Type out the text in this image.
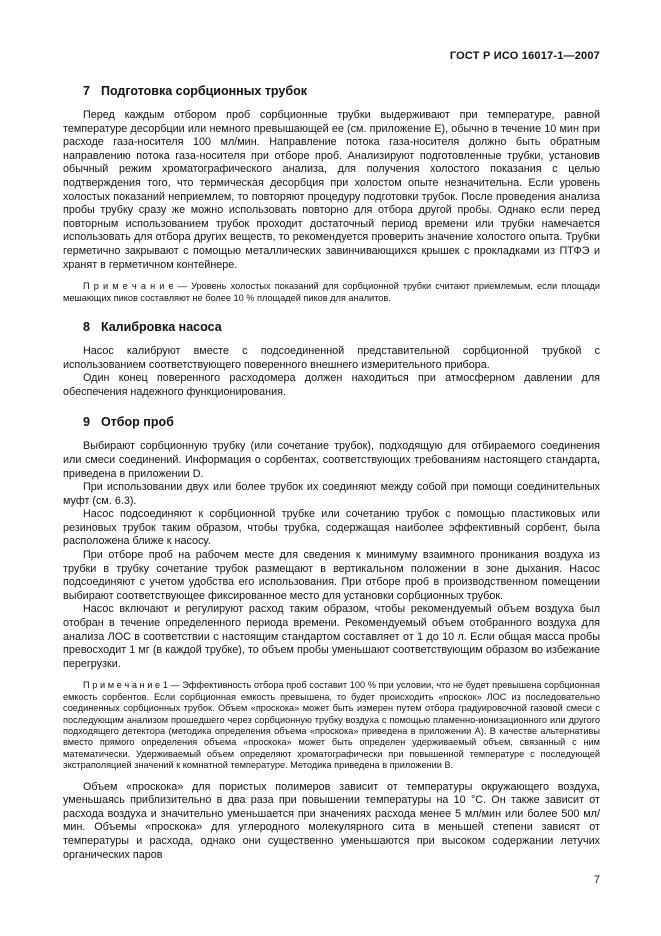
ГОСТ Р ИСО 16017-1—2007
7 Подготовка сорбционных трубок

Перед каждым отбором проб сорбционные трубки выдерживают при температуре, равной температуре десорбции или немного превышающей ее (см. приложение Е), обычно в течение 10 мин при расходе газа-носителя 100 мл/мин. Направление потока газа-носителя должно быть обратным направлению потока газа-носителя при отборе проб. Анализируют подготовленные трубки, установив обычный режим хроматографического анализа, для получения холостого показания с целью подтверждения того, что термическая десорбция при холостом опыте незначительна. Если уровень холостых показаний неприемлем, то повторяют процедуру подготовки трубок. После проведения анализа пробы трубку сразу же можно использовать повторно для отбора другой пробы. Однако если перед повторным использованием трубок проходит достаточный период времени или трубки намечается использовать для отбора других веществ, то рекомендуется проверить значение холостого опыта. Трубки герметично закрывают с помощью металлических завинчивающихся крышек с прокладками из ПТФЭ и хранят в герметичном контейнере.

П р и м е ч а н и е — Уровень холостых показаний для сорбционной трубки считают приемлемым, если площади мешающих пиков составляют не более 10 % площадей пиков для аналитов.

8 Калибровка насоса

Насос калибруют вместе с подсоединенной представительной сорбционной трубкой с использованием соответствующего поверенного внешнего измерительного прибора.

Один конец поверенного расходомера должен находиться при атмосферном давлении для обеспечения надежного функционирования.

9 Отбор проб

Выбирают сорбционную трубку (или сочетание трубок), подходящую для отбираемого соединения или смеси соединений. Информация о сорбентах, соответствующих требованиям настоящего стандарта, приведена в приложении D.

При использовании двух или более трубок их соединяют между собой при помощи соединительных муфт (см. 6.3).

Насос подсоединяют к сорбционной трубке или сочетанию трубок с помощью пластиковых или резиновых трубок таким образом, чтобы трубка, содержащая наиболее эффективный сорбент, была расположена ближе к насосу.

При отборе проб на рабочем месте для сведения к минимуму взаимного проникания воздуха из трубки в трубку сочетание трубок размещают в вертикальном положении в зоне дыхания. Насос подсоединяют с учетом удобства его использования. При отборе проб в производственном помещении выбирают соответствующее фиксированное место для установки сорбционных трубок.

Насос включают и регулируют расход таким образом, чтобы рекомендуемый объем воздуха был отобран в течение определенного периода времени. Рекомендуемый объем отобранного воздуха для анализа ЛОС в соответствии с настоящим стандартом составляет от 1 до 10 л. Если общая масса пробы превосходит 1 мг (в каждой трубке), то объем пробы уменьшают соответствующим образом во избежание перегрузки.

П р и м е ч а н и е 1 — Эффективность отбора проб составит 100 % при условии, что не будет превышена сорбционная емкость сорбентов. Если сорбционная емкость превышена, то будет происходить «проскок» ЛОС из последовательно соединенных сорбционных трубок. Объем «проскока» может быть измерен путем отбора градуировочной газовой смеси с последующим анализом прошедшего через сорбционную трубку воздуха с помощью пламенно-ионизационного или другого подходящего детектора (методика определения объема «проскока» приведена в приложении А). В качестве альтернативы вместо прямого определения объема «проскока» может быть определен удерживаемый объем, связанный с ним математически. Удерживаемый объем определяют хроматографически при повышенной температуре с последующей экстраполяцией значений к комнатной температуре. Методика приведена в приложении В.

Объем «проскока» для пористых полимеров зависит от температуры окружающего воздуха, уменьшаясь приблизительно в два раза при повышении температуры на 10 °С. Он также зависит от расхода воздуха и значительно уменьшается при значениях расхода менее 5 мл/мин или более 500 мл/мин. Объемы «проскока» для углеродного молекулярного сита в меньшей степени зависят от температуры и расхода, однако они существенно уменьшаются при высоком содержании летучих органических паров

7
